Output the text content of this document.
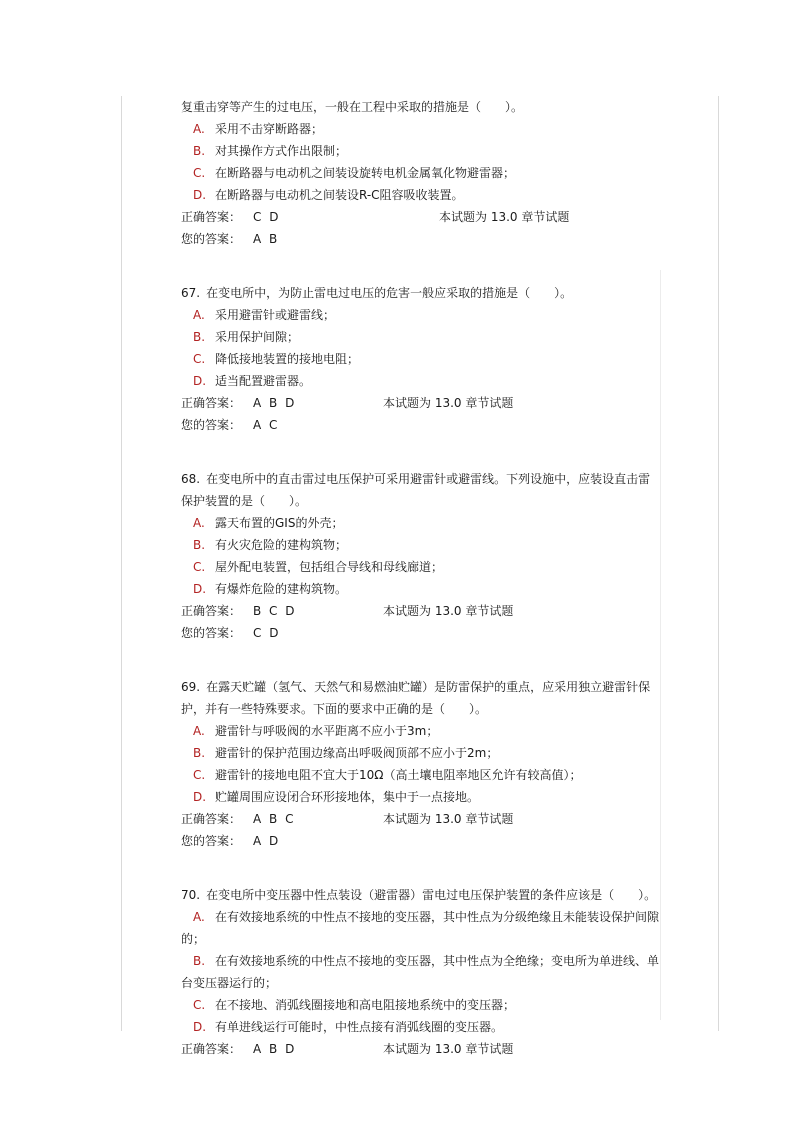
复重击穿等产生的过电压，一般在工程中采取的措施是（　　）。

A. 采用不击穿断路器；
B. 对其操作方式作出限制；
C. 在断路器与电动机之间装设旋转电机金属氧化物避雷器；
D. 在断路器与电动机之间装设R-C阻容吸收装置。
正确答案： C D	本试题为 13.0 章节试题
您的答案： A B

67. 在变电所中，为防止雷电过电压的危害一般应采取的措施是（　　）。

A. 采用避雷针或避雷线；
B. 采用保护间隙；
C. 降低接地装置的接地电阻；
D. 适当配置避雷器。
正确答案： A B D	本试题为 13.0 章节试题
您的答案： A C

68. 在变电所中的直击雷过电压保护可采用避雷针或避雷线。下列设施中，应装设直击雷保护装置的是（　　）。

A. 露天布置的GIS的外壳；
B. 有火灾危险的建构筑物；
C. 屋外配电装置，包括组合导线和母线廊道；
D. 有爆炸危险的建构筑物。
正确答案： B C D	本试题为 13.0 章节试题
您的答案： C D

69. 在露天贮罐（氢气、天然气和易燃油贮罐）是防雷保护的重点，应采用独立避雷针保护，并有一些特殊要求。下面的要求中正确的是（　　）。

A. 避雷针与呼吸阀的水平距离不应小于3m；
B. 避雷针的保护范围边缘高出呼吸阀顶部不应小于2m；
C. 避雷针的接地电阻不宜大于10Ω（高土壤电阻率地区允许有较高值）；
D. 贮罐周围应设闭合环形接地体，集中于一点接地。
正确答案： A B C	本试题为 13.0 章节试题
您的答案： A D

70. 在变电所中变压器中性点装设（避雷器）雷电过电压保护装置的条件应该是（　　）。

A. 在有效接地系统的中性点不接地的变压器，其中性点为分级绝缘且未能装设保护间隙的；
B. 在有效接地系统的中性点不接地的变压器，其中性点为全绝缘；变电所为单进线、单台变压器运行的；
C. 在不接地、消弧线圈接地和高电阻接地系统中的变压器；
D. 有单进线运行可能时，中性点接有消弧线圈的变压器。
正确答案： A B D	本试题为 13.0 章节试题
